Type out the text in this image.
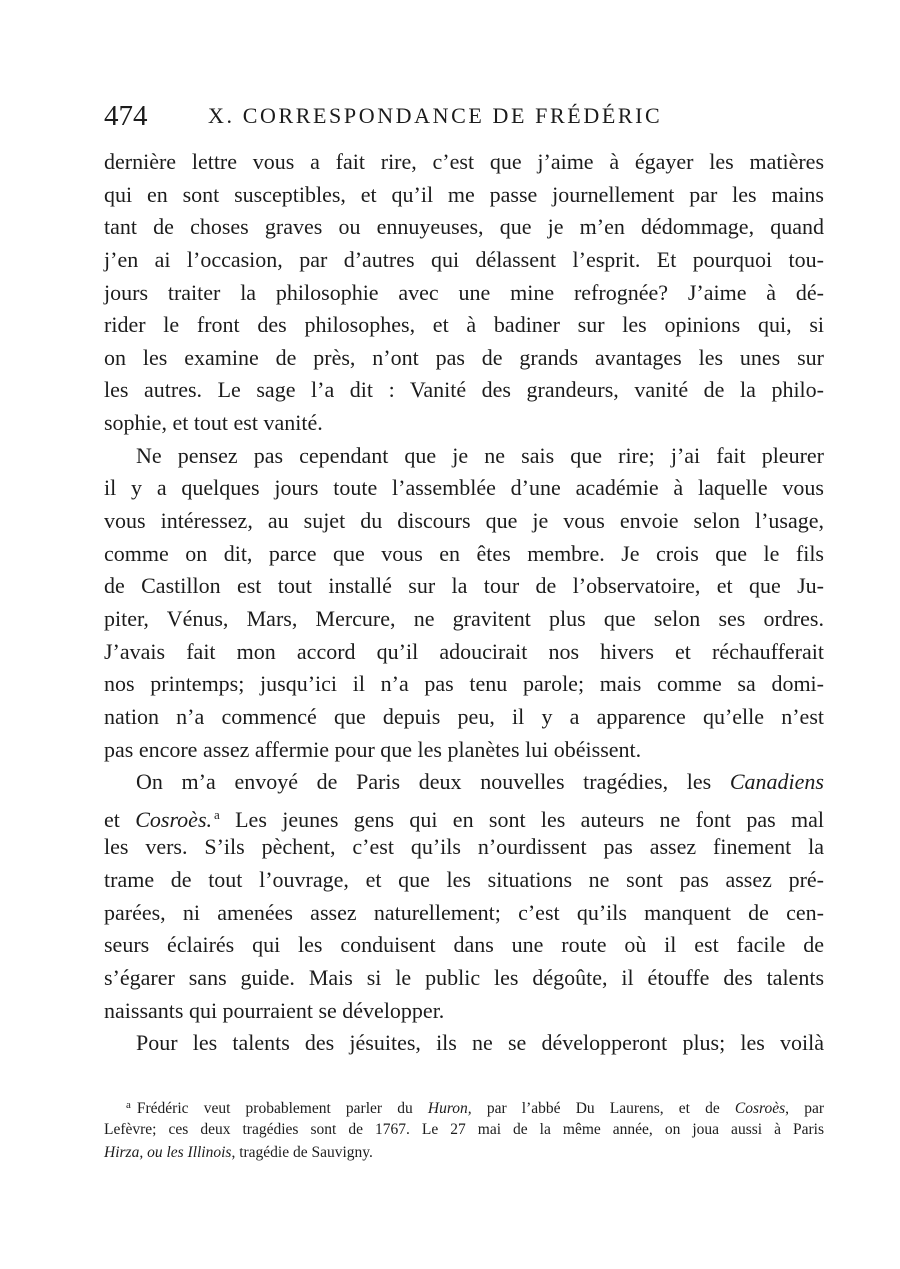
474	X. CORRESPONDANCE DE FRÉDÉRIC
dernière lettre vous a fait rire, c’est que j’aime à égayer les matières
qui en sont susceptibles, et qu’il me passe journellement par les mains
tant de choses graves ou ennuyeuses, que je m’en dédommage, quand
j’en ai l’occasion, par d’autres qui délassent l’esprit. Et pourquoi tou-
jours traiter la philosophie avec une mine refrognée? J’aime à dé-
rider le front des philosophes, et à badiner sur les opinions qui, si
on les examine de près, n’ont pas de grands avantages les unes sur
les autres. Le sage l’a dit : Vanité des grandeurs, vanité de la philo-
sophie, et tout est vanité.
Ne pensez pas cependant que je ne sais que rire; j’ai fait pleurer
il y a quelques jours toute l’assemblée d’une académie à laquelle vous
vous intéressez, au sujet du discours que je vous envoie selon l’usage,
comme on dit, parce que vous en êtes membre. Je crois que le fils
de Castillon est tout installé sur la tour de l’observatoire, et que Ju-
piter, Vénus, Mars, Mercure, ne gravitent plus que selon ses ordres.
J’avais fait mon accord qu’il adoucirait nos hivers et réchaufferait
nos printemps; jusqu’ici il n’a pas tenu parole; mais comme sa domi-
nation n’a commencé que depuis peu, il y a apparence qu’elle n’est
pas encore assez affermie pour que les planètes lui obéissent.
On m’a envoyé de Paris deux nouvelles tragédies, les Canadiens
et Cosroès. $^a$ Les jeunes gens qui en sont les auteurs ne font pas mal
les vers. S’ils pèchent, c’est qu’ils n’ourdissent pas assez finement la
trame de tout l’ouvrage, et que les situations ne sont pas assez pré-
parées, ni amenées assez naturellement; c’est qu’ils manquent de cen-
seurs éclairés qui les conduisent dans une route où il est facile de
s’égarer sans guide. Mais si le public les dégoûte, il étouffe des talents
naissants qui pourraient se développer.
Pour les talents des jésuites, ils ne se développeront plus; les voilà
$^a$ Frédéric veut probablement parler du Huron, par l’abbé Du Laurens, et de Cosroès, par
Lefèvre; ces deux tragédies sont de 1767. Le 27 mai de la même année, on joua aussi à Paris
Hirza, ou les Illinois, tragédie de Sauvigny.
